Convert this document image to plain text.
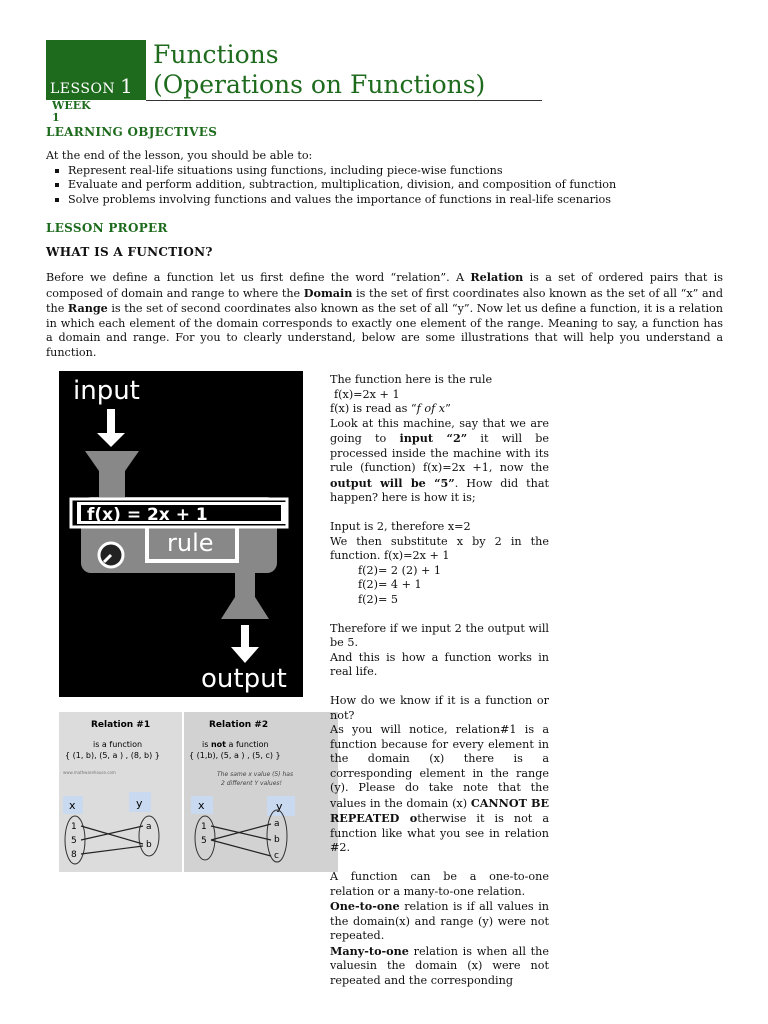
LESSON 1
Functions
(Operations on Functions)
WEEK 1
LEARNING OBJECTIVES
At the end of the lesson, you should be able to:
Represent real-life situations using functions, including piece-wise functions
Evaluate and perform addition, subtraction, multiplication, division, and composition of function
Solve problems involving functions and values the importance of functions in real-life scenarios
LESSON PROPER
WHAT IS A FUNCTION?
Before we define a function let us first define the word “relation”. A Relation is a set of ordered pairs that is composed of domain and range to where the Domain is the set of first coordinates also known as the set of all “x” and the Range is the set of second coordinates also known as the set of all “y”. Now let us define a function, it is a relation in which each element of the domain corresponds to exactly one element of the range. Meaning to say, a function has a domain and range. For you to clearly understand, below are some illustrations that will help you understand a function.
input
rule
f(x) = 2x + 1
output
Relation #1
is a function
{ (1, b), (5, a ) , (8, b) }
www.mathwarehouse.com
x	y
1
5
8
a
b
Relation #2
is not a function
{ (1,b), (5, a ) , (5, c) }
The same x value (5) has
2 different Y values!
x	y
1
5
a
b
c

The function here is the rule

f(x)=2x + 1

f(x) is read as “f of x”

Look at this machine, say that we are going to input “2” it will be processed inside the machine with its rule (function) f(x)=2x +1, now the output will be “5”. How did that happen? here is how it is;

Input is 2, therefore x=2

We then substitute x by 2 in the function. f(x)=2x + 1

f(2)= 2 (2) + 1

f(2)= 4 + 1

f(2)= 5

Therefore if we input 2 the output will be 5.

And this is how a function works in real life.

How do we know if it is a function or not?

As you will notice, relation#1 is a function because for every element in the domain (x) there is a corresponding element in the range (y). Please do take note that the values in the domain (x) CANNOT BE REPEATED otherwise it is not a function like what you see in relation #2.

A function can be a one-to-one relation or a many-to-one relation.

One-to-one relation is if all values in the domain(x) and range (y) were not repeated.

Many-to-one relation is when all the valuesin the domain (x) were not repeated and the corresponding
